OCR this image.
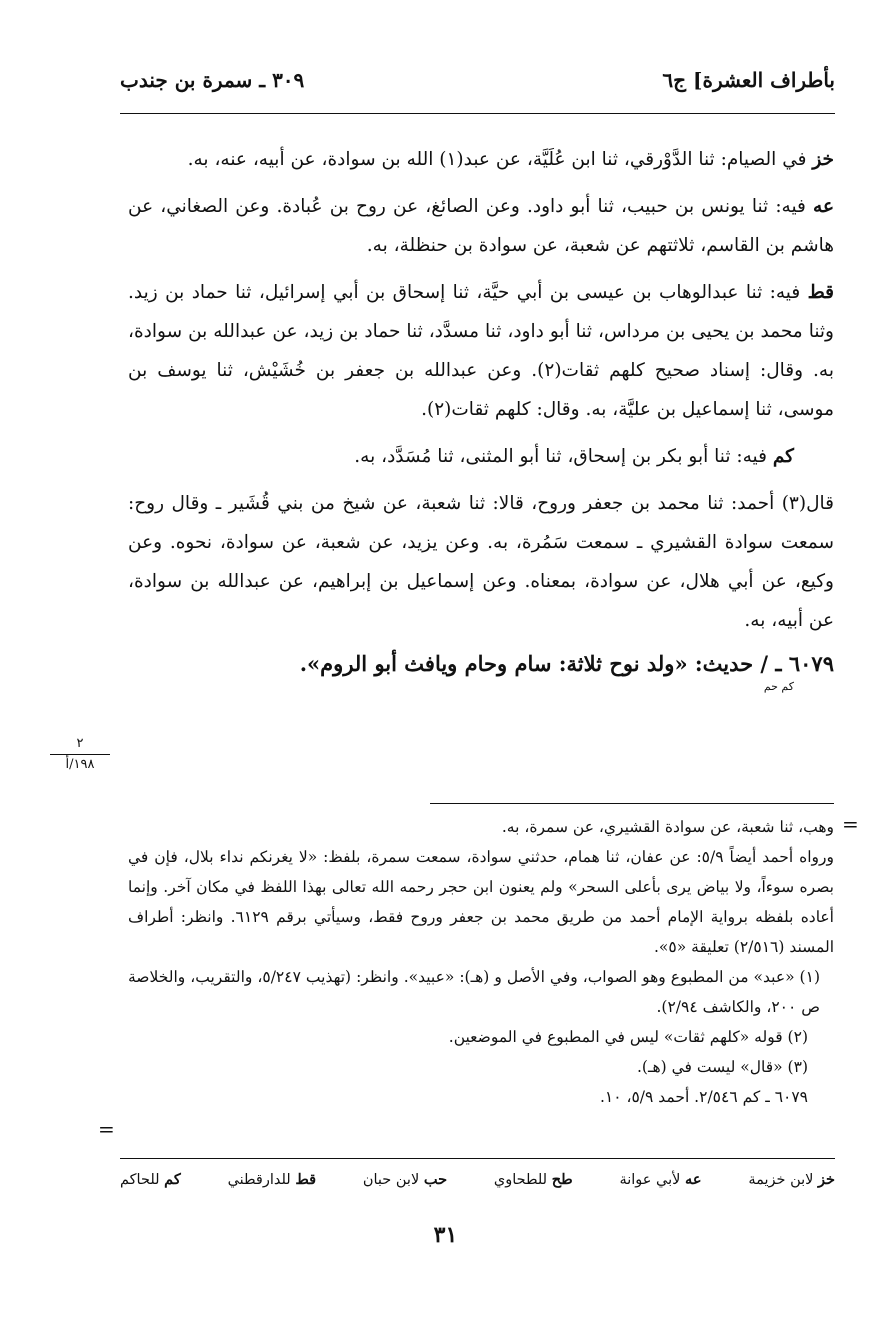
بأطراف العشرة] ج٦
٣٠٩ ـ سمرة بن جندب

خز في الصيام: ثنا الدَّوْرقي، ثنا ابن عُلَيَّة، عن عبد(١) الله بن سوادة، عن أبيه، عنه، به.

عه فيه: ثنا يونس بن حبيب، ثنا أبو داود. وعن الصائغ، عن روح بن عُبادة. وعن الصغاني، عن هاشم بن القاسم، ثلاثتهم عن شعبة، عن سوادة بن حنظلة، به.

قط فيه: ثنا عبدالوهاب بن عيسى بن أبي حيَّة، ثنا إسحاق بن أبي إسرائيل، ثنا حماد بن زيد. وثنا محمد بن يحيى بن مرداس، ثنا أبو داود، ثنا مسدَّد، ثنا حماد بن زيد، عن عبدالله بن سوادة، به. وقال: إسناد صحيح كلهم ثقات(٢). وعن عبدالله بن جعفر بن خُشَيْش، ثنا يوسف بن موسى، ثنا إسماعيل بن عليَّة، به. وقال: كلهم ثقات(٢).

كم فيه: ثنا أبو بكر بن إسحاق، ثنا أبو المثنى، ثنا مُسَدَّد، به.

قال(٣) أحمد: ثنا محمد بن جعفر وروح، قالا: ثنا شعبة، عن شيخ من بني قُشَير ـ وقال روح: سمعت سوادة القشيري ـ سمعت سَمُرة، به. وعن يزيد، عن شعبة، عن سوادة، نحوه. وعن وكيع، عن أبي هلال، عن سوادة، بمعناه. وعن إسماعيل بن إبراهيم، عن عبدالله بن سوادة، عن أبيه، به.

٦٠٧٩ ـ / حديث: «ولد نوح ثلاثة: سام وحام ويافث أبو الروم».
كم حم
٢
١٩٨/أ
=

وهب، ثنا شعبة، عن سوادة القشيري، عن سمرة، به.

ورواه أحمد أيضاً ٥/٩: عن عفان، ثنا همام، حدثني سوادة، سمعت سمرة، بلفظ: «لا يغرنكم نداء بلال، فإن في بصره سوءاً، ولا بياض يرى بأعلى السحر» ولم يعنون ابن حجر رحمه الله تعالى بهذا اللفظ في مكان آخر. وإنما أعاده بلفظه برواية الإمام أحمد من طريق محمد بن جعفر وروح فقط، وسيأتي برقم ٦١٢٩. وانظر: أطراف المسند (٢/٥١٦) تعليقة «٥».

(١) «عبد» من المطبوع وهو الصواب، وفي الأصل و (هـ): «عبيد». وانظر: (تهذيب ٥/٢٤٧، والتقريب، والخلاصة ص ٢٠٠، والكاشف ٢/٩٤).

(٢) قوله «كلهم ثقات» ليس في المطبوع في الموضعين.

(٣) «قال» ليست في (هـ).

٦٠٧٩ ـ كم ٢/٥٤٦. أحمد ٥/٩، ١٠.

=
خز لابن خزيمة
عه لأبي عوانة
طح للطحاوي
حب لابن حبان
قط للدارقطني
كم للحاكم
٣١
